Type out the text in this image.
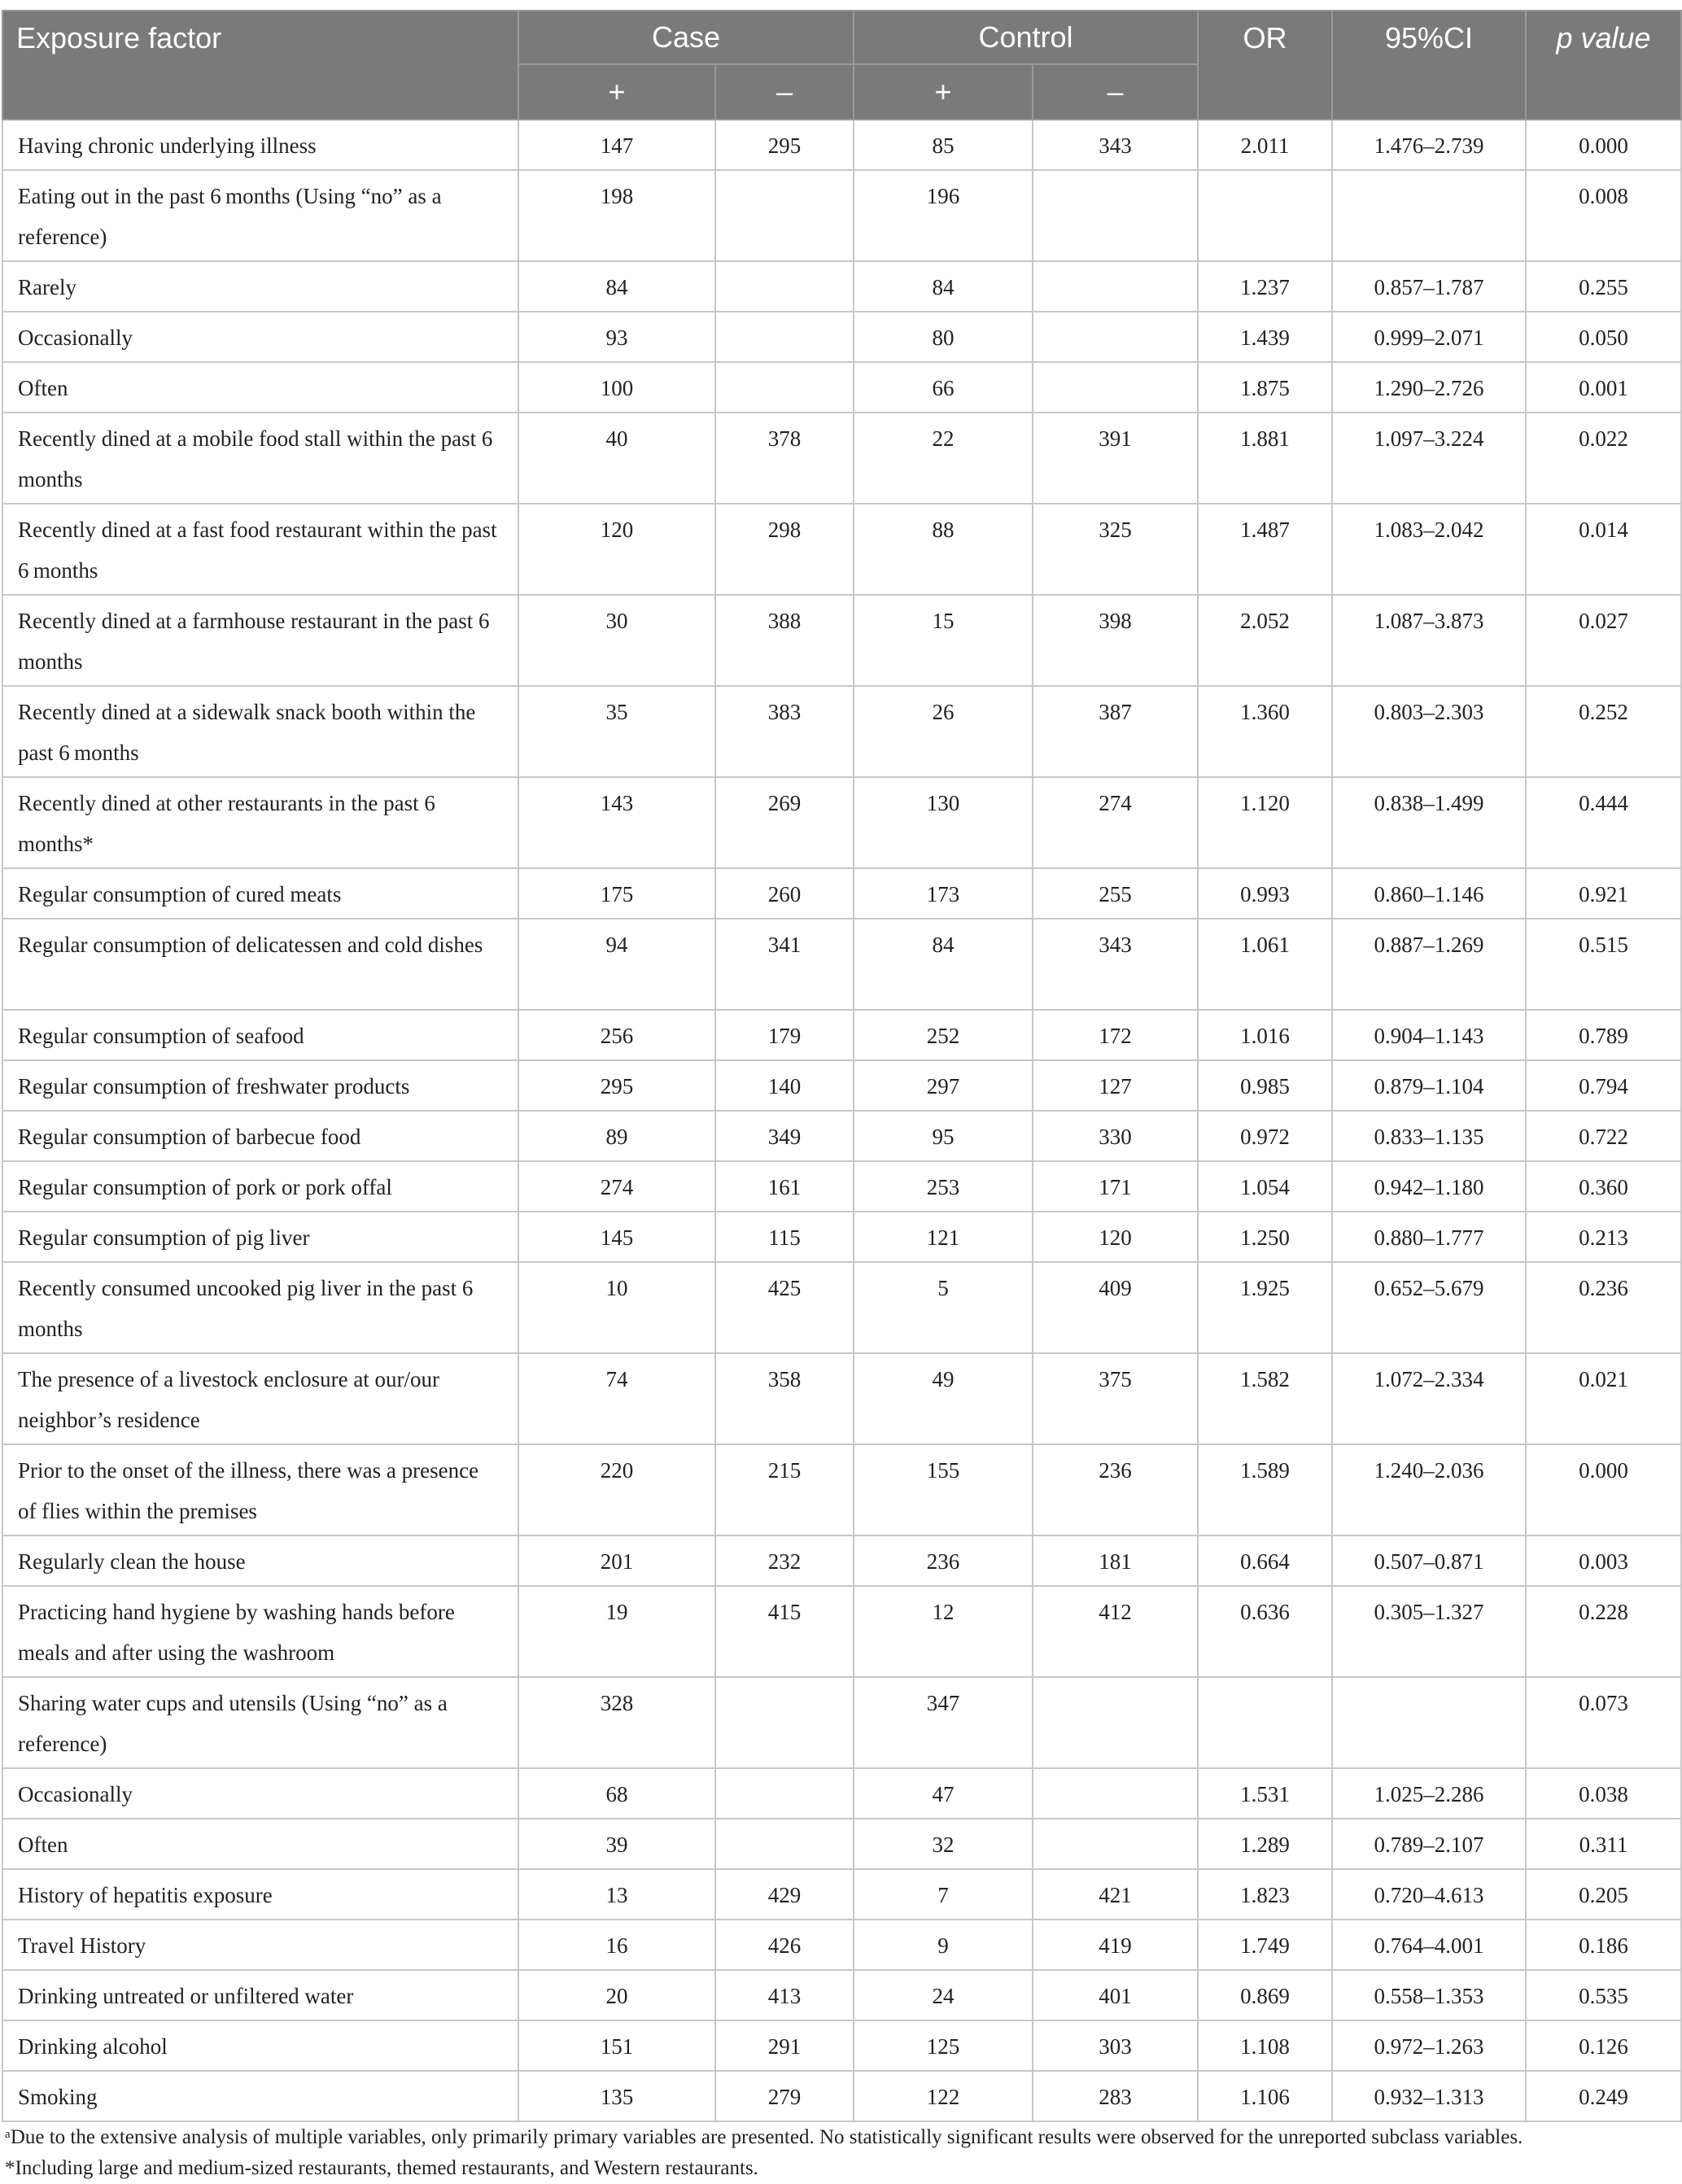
Exposure factor	Case		Control		OR	95%CI	p value
	+	–	+	–			
Having chronic underlying illness	147	295	85	343	2.011	1.476–2.739	0.000
Eating out in the past 6 months (Using “no” as a reference)	198		196				0.008
Rarely	84		84		1.237	0.857–1.787	0.255
Occasionally	93		80		1.439	0.999–2.071	0.050
Often	100		66		1.875	1.290–2.726	0.001
Recently dined at a mobile food stall within the past 6 months	40	378	22	391	1.881	1.097–3.224	0.022
Recently dined at a fast food restaurant within the past 6 months	120	298	88	325	1.487	1.083–2.042	0.014
Recently dined at a farmhouse restaurant in the past 6 months	30	388	15	398	2.052	1.087–3.873	0.027
Recently dined at a sidewalk snack booth within the past 6 months	35	383	26	387	1.360	0.803–2.303	0.252
Recently dined at other restaurants in the past 6 months*	143	269	130	274	1.120	0.838–1.499	0.444
Regular consumption of cured meats	175	260	173	255	0.993	0.860–1.146	0.921
Regular consumption of delicatessen and cold dishes	94	341	84	343	1.061	0.887–1.269	0.515
Regular consumption of seafood	256	179	252	172	1.016	0.904–1.143	0.789
Regular consumption of freshwater products	295	140	297	127	0.985	0.879–1.104	0.794
Regular consumption of barbecue food	89	349	95	330	0.972	0.833–1.135	0.722
Regular consumption of pork or pork offal	274	161	253	171	1.054	0.942–1.180	0.360
Regular consumption of pig liver	145	115	121	120	1.250	0.880–1.777	0.213
Recently consumed uncooked pig liver in the past 6 months	10	425	5	409	1.925	0.652–5.679	0.236
The presence of a livestock enclosure at our/our neighbor’s residence	74	358	49	375	1.582	1.072–2.334	0.021
Prior to the onset of the illness, there was a presence of flies within the premises	220	215	155	236	1.589	1.240–2.036	0.000
Regularly clean the house	201	232	236	181	0.664	0.507–0.871	0.003
Practicing hand hygiene by washing hands before meals and after using the washroom	19	415	12	412	0.636	0.305–1.327	0.228
Sharing water cups and utensils (Using “no” as a reference)	328		347				0.073
Occasionally	68		47		1.531	1.025–2.286	0.038
Often	39		32		1.289	0.789–2.107	0.311
History of hepatitis exposure	13	429	7	421	1.823	0.720–4.613	0.205
Travel History	16	426	9	419	1.749	0.764–4.001	0.186
Drinking untreated or unfiltered water	20	413	24	401	0.869	0.558–1.353	0.535
Drinking alcohol	151	291	125	303	1.108	0.972–1.263	0.126
Smoking	135	279	122	283	1.106	0.932–1.313	0.249

ᵃDue to the extensive analysis of multiple variables, only primarily primary variables are presented. No statistically significant results were observed for the unreported subclass variables.

*Including large and medium-sized restaurants, themed restaurants, and Western restaurants.
